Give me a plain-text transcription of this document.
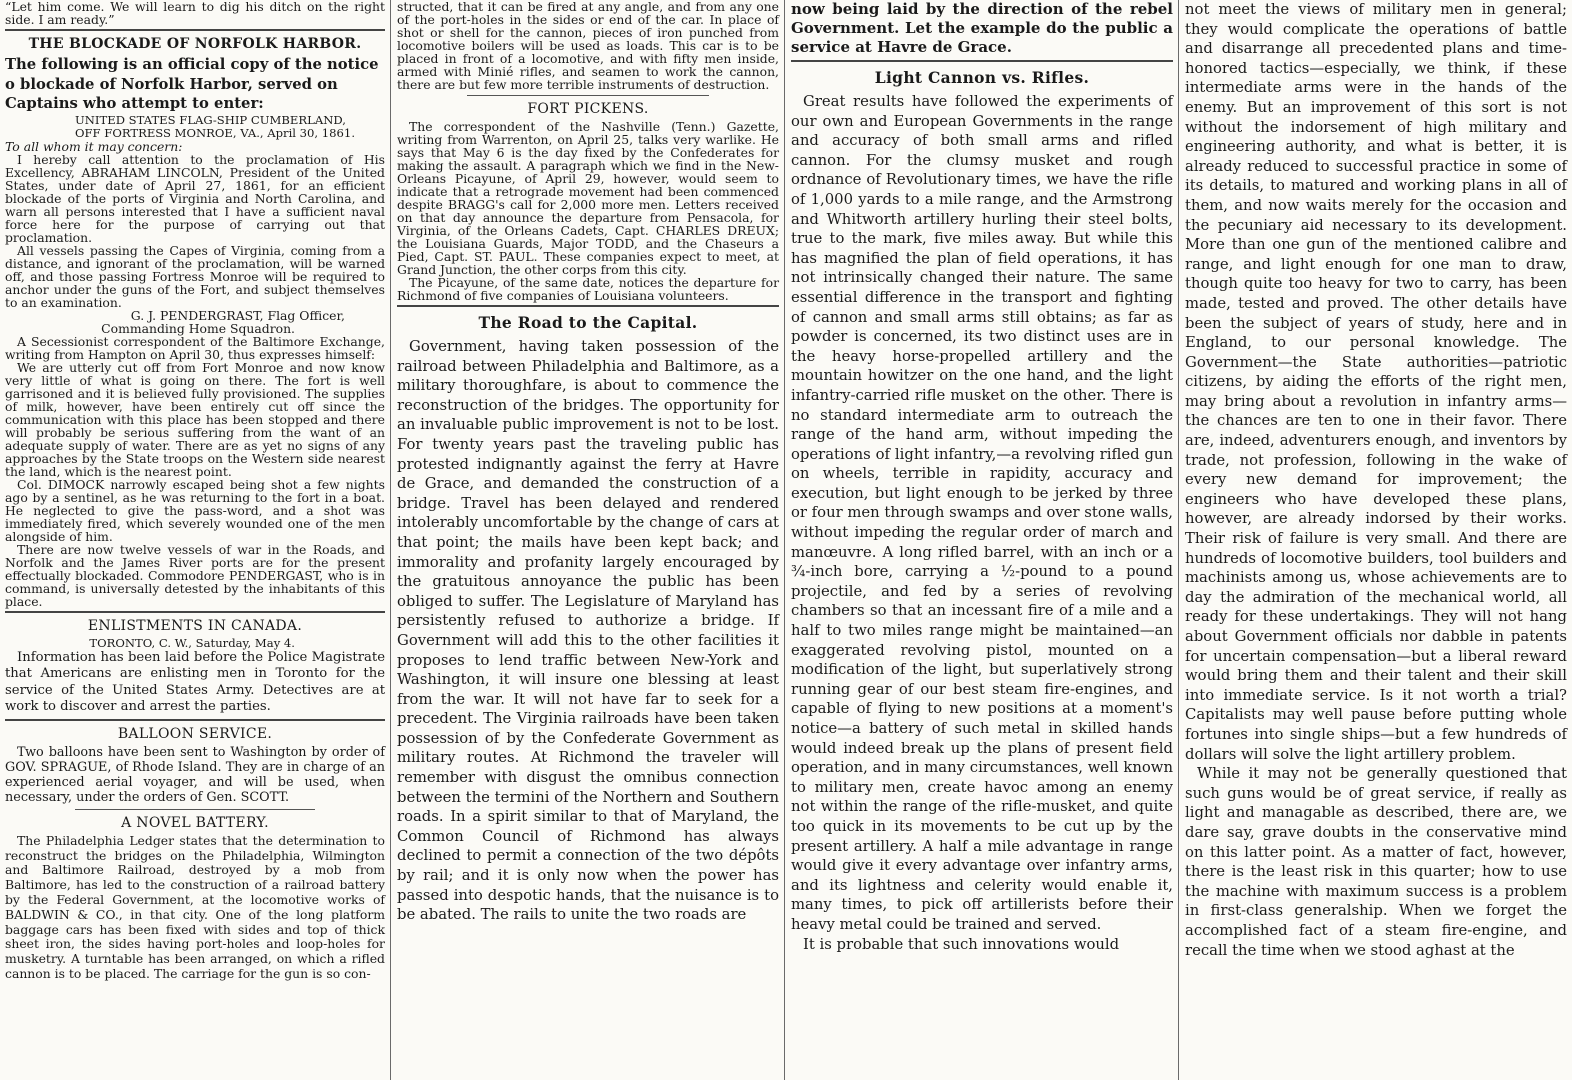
“Let him come. We will learn to dig his ditch on the right side. I am ready.”

THE BLOCKADE OF NORFOLK HARBOR.

The following is an official copy of the notice o blockade of Norfolk Harbor, served on Captains who attempt to enter:

UNITED STATES FLAG-SHIP CUMBERLAND,
OFF FORTRESS MONROE, VA., April 30, 1861.

To all whom it may concern:

I hereby call attention to the proclamation of His Excellency, ABRAHAM LINCOLN, President of the United States, under date of April 27, 1861, for an efficient blockade of the ports of Virginia and North Carolina, and warn all persons interested that I have a sufficient naval force here for the purpose of carrying out that proclamation.

All vessels passing the Capes of Virginia, coming from a distance, and ignorant of the proclamation, will be warned off, and those passing Fortress Monroe will be required to anchor under the guns of the Fort, and subject themselves to an examination.

G. J. PENDERGRAST, Flag Officer,

Commanding Home Squadron.

A Secessionist correspondent of the Baltimore Exchange, writing from Hampton on April 30, thus expresses himself:

We are utterly cut off from Fort Monroe and now know very little of what is going on there. The fort is well garrisoned and it is believed fully provisioned. The supplies of milk, however, have been entirely cut off since the communication with this place has been stopped and there will probably be serious suffering from the want of an adequate supply of water. There are as yet no signs of any approaches by the State troops on the Western side nearest the land, which is the nearest point.

Col. DIMOCK narrowly escaped being shot a few nights ago by a sentinel, as he was returning to the fort in a boat. He neglected to give the pass-word, and a shot was immediately fired, which severely wounded one of the men alongside of him.

There are now twelve vessels of war in the Roads, and Norfolk and the James River ports are for the present effectually blockaded. Commodore PENDERGAST, who is in command, is universally detested by the inhabitants of this place.

ENLISTMENTS IN CANADA.
TORONTO, C. W., Saturday, May 4.

Information has been laid before the Police Magistrate that Americans are enlisting men in Toronto for the service of the United States Army. Detectives are at work to discover and arrest the parties.

BALLOON SERVICE.

Two balloons have been sent to Washington by order of GOV. SPRAGUE, of Rhode Island. They are in charge of an experienced aerial voyager, and will be used, when necessary, under the orders of Gen. SCOTT.

A NOVEL BATTERY.

The Philadelphia Ledger states that the determination to reconstruct the bridges on the Philadelphia, Wilmington and Baltimore Railroad, destroyed by a mob from Baltimore, has led to the construction of a railroad battery by the Federal Government, at the locomotive works of BALDWIN & CO., in that city. One of the long platform baggage cars has been fixed with sides and top of thick sheet iron, the sides having port-holes and loop-holes for musketry. A turntable has been arranged, on which a rifled cannon is to be placed. The carriage for the gun is so con-

structed, that it can be fired at any angle, and from any one of the port-holes in the sides or end of the car. In place of shot or shell for the cannon, pieces of iron punched from locomotive boilers will be used as loads. This car is to be placed in front of a locomotive, and with fifty men inside, armed with Minié rifles, and seamen to work the cannon, there are but few more terrible instruments of destruction.

FORT PICKENS.

The correspondent of the Nashville (Tenn.) Gazette, writing from Warrenton, on April 25, talks very warlike. He says that May 6 is the day fixed by the Confederates for making the assault. A paragraph which we find in the New-Orleans Picayune, of April 29, however, would seem to indicate that a retrograde movement had been commenced despite BRAGG's call for 2,000 more men. Letters received on that day announce the departure from Pensacola, for Virginia, of the Orleans Cadets, Capt. CHARLES DREUX; the Louisiana Guards, Major TODD, and the Chaseurs a Pied, Capt. ST. PAUL. These companies expect to meet, at Grand Junction, the other corps from this city.

The Picayune, of the same date, notices the departure for Richmond of five companies of Louisiana volunteers.

The Road to the Capital.

Government, having taken possession of the railroad between Philadelphia and Baltimore, as a military thoroughfare, is about to commence the reconstruction of the bridges. The opportunity for an invaluable public improvement is not to be lost. For twenty years past the traveling public has protested indignantly against the ferry at Havre de Grace, and demanded the construction of a bridge. Travel has been delayed and rendered intolerably uncomfortable by the change of cars at that point; the mails have been kept back; and immorality and profanity largely encouraged by the gratuitous annoyance the public has been obliged to suffer. The Legislature of Maryland has persistently refused to authorize a bridge. If Government will add this to the other facilities it proposes to lend traffic between New-York and Washington, it will insure one blessing at least from the war. It will not have far to seek for a precedent. The Virginia railroads have been taken possession of by the Confederate Government as military routes. At Richmond the traveler will remember with disgust the omnibus connection between the termini of the Northern and Southern roads. In a spirit similar to that of Maryland, the Common Council of Richmond has always declined to permit a connection of the two dépôts by rail; and it is only now when the power has passed into despotic hands, that the nuisance is to be abated. The rails to unite the two roads are

now being laid by the direction of the rebel Government. Let the example do the public a service at Havre de Grace.

Light Cannon vs. Rifles.

Great results have followed the experiments of our own and European Governments in the range and accuracy of both small arms and rifled cannon. For the clumsy musket and rough ordnance of Revolutionary times, we have the rifle of 1,000 yards to a mile range, and the Armstrong and Whitworth artillery hurling their steel bolts, true to the mark, five miles away. But while this has magnified the plan of field operations, it has not intrinsically changed their nature. The same essential difference in the transport and fighting of cannon and small arms still obtains; as far as powder is concerned, its two distinct uses are in the heavy horse-propelled artillery and the mountain howitzer on the one hand, and the light infantry-carried rifle musket on the other. There is no standard intermediate arm to outreach the range of the hand arm, without impeding the operations of light infantry,—a revolving rifled gun on wheels, terrible in rapidity, accuracy and execution, but light enough to be jerked by three or four men through swamps and over stone walls, without impeding the regular order of march and manœuvre. A long rifled barrel, with an inch or a ¾-inch bore, carrying a ½-pound to a pound projectile, and fed by a series of revolving chambers so that an incessant fire of a mile and a half to two miles range might be maintained—an exaggerated revolving pistol, mounted on a modification of the light, but superlatively strong running gear of our best steam fire-engines, and capable of flying to new positions at a moment's notice—a battery of such metal in skilled hands would indeed break up the plans of present field operation, and in many circumstances, well known to military men, create havoc among an enemy not within the range of the rifle-musket, and quite too quick in its movements to be cut up by the present artillery. A half a mile advantage in range would give it every advantage over infantry arms, and its lightness and celerity would enable it, many times, to pick off artillerists before their heavy metal could be trained and served.

It is probable that such innovations would

not meet the views of military men in general; they would complicate the operations of battle and disarrange all precedented plans and time-honored tactics—especially, we think, if these intermediate arms were in the hands of the enemy. But an improvement of this sort is not without the indorsement of high military and engineering authority, and what is better, it is already reduced to successful practice in some of its details, to matured and working plans in all of them, and now waits merely for the occasion and the pecuniary aid necessary to its development. More than one gun of the mentioned calibre and range, and light enough for one man to draw, though quite too heavy for two to carry, has been made, tested and proved. The other details have been the subject of years of study, here and in England, to our personal knowledge. The Government—the State authorities—patriotic citizens, by aiding the efforts of the right men, may bring about a revolution in infantry arms—the chances are ten to one in their favor. There are, indeed, adventurers enough, and inventors by trade, not profession, following in the wake of every new demand for improvement; the engineers who have developed these plans, however, are already indorsed by their works. Their risk of failure is very small. And there are hundreds of locomotive builders, tool builders and machinists among us, whose achievements are to day the admiration of the mechanical world, all ready for these undertakings. They will not hang about Government officials nor dabble in patents for uncertain compensation—but a liberal reward would bring them and their talent and their skill into immediate service. Is it not worth a trial? Capitalists may well pause before putting whole fortunes into single ships—but a few hundreds of dollars will solve the light artillery problem.

While it may not be generally questioned that such guns would be of great service, if really as light and managable as described, there are, we dare say, grave doubts in the conservative mind on this latter point. As a matter of fact, however, there is the least risk in this quarter; how to use the machine with maximum success is a problem in first-class generalship. When we forget the accomplished fact of a steam fire-engine, and recall the time when we stood aghast at the
